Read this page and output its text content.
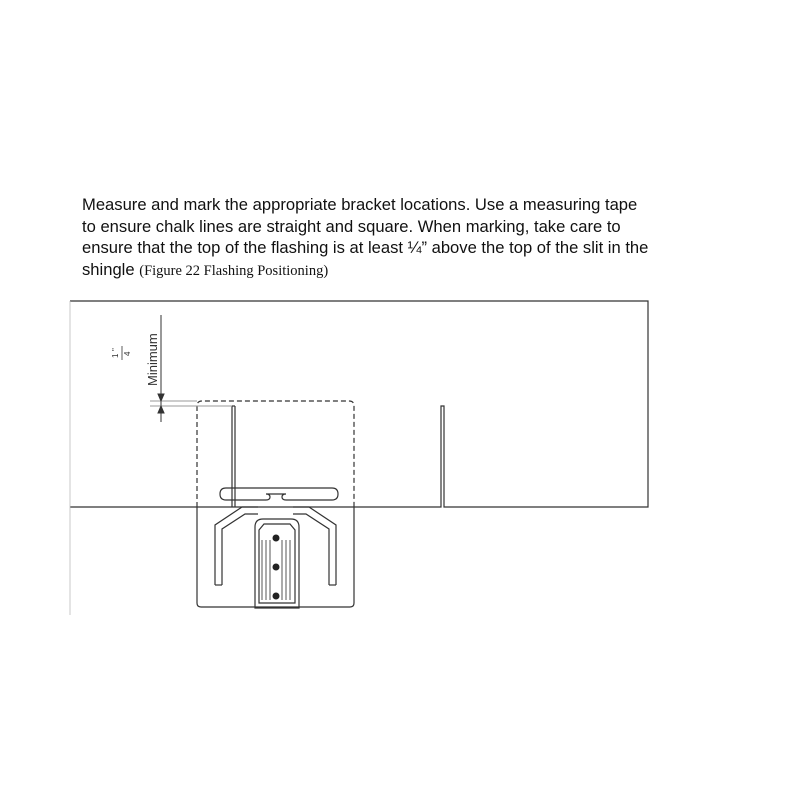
Measure and mark the appropriate bracket locations. Use a measuring tape
to ensure chalk lines are straight and square. When marking, take care to
ensure that the top of the flashing is at least ¼” above the top of the slit in the
shingle (Figure 22 Flashing Positioning)

Minimum
1
"
4
